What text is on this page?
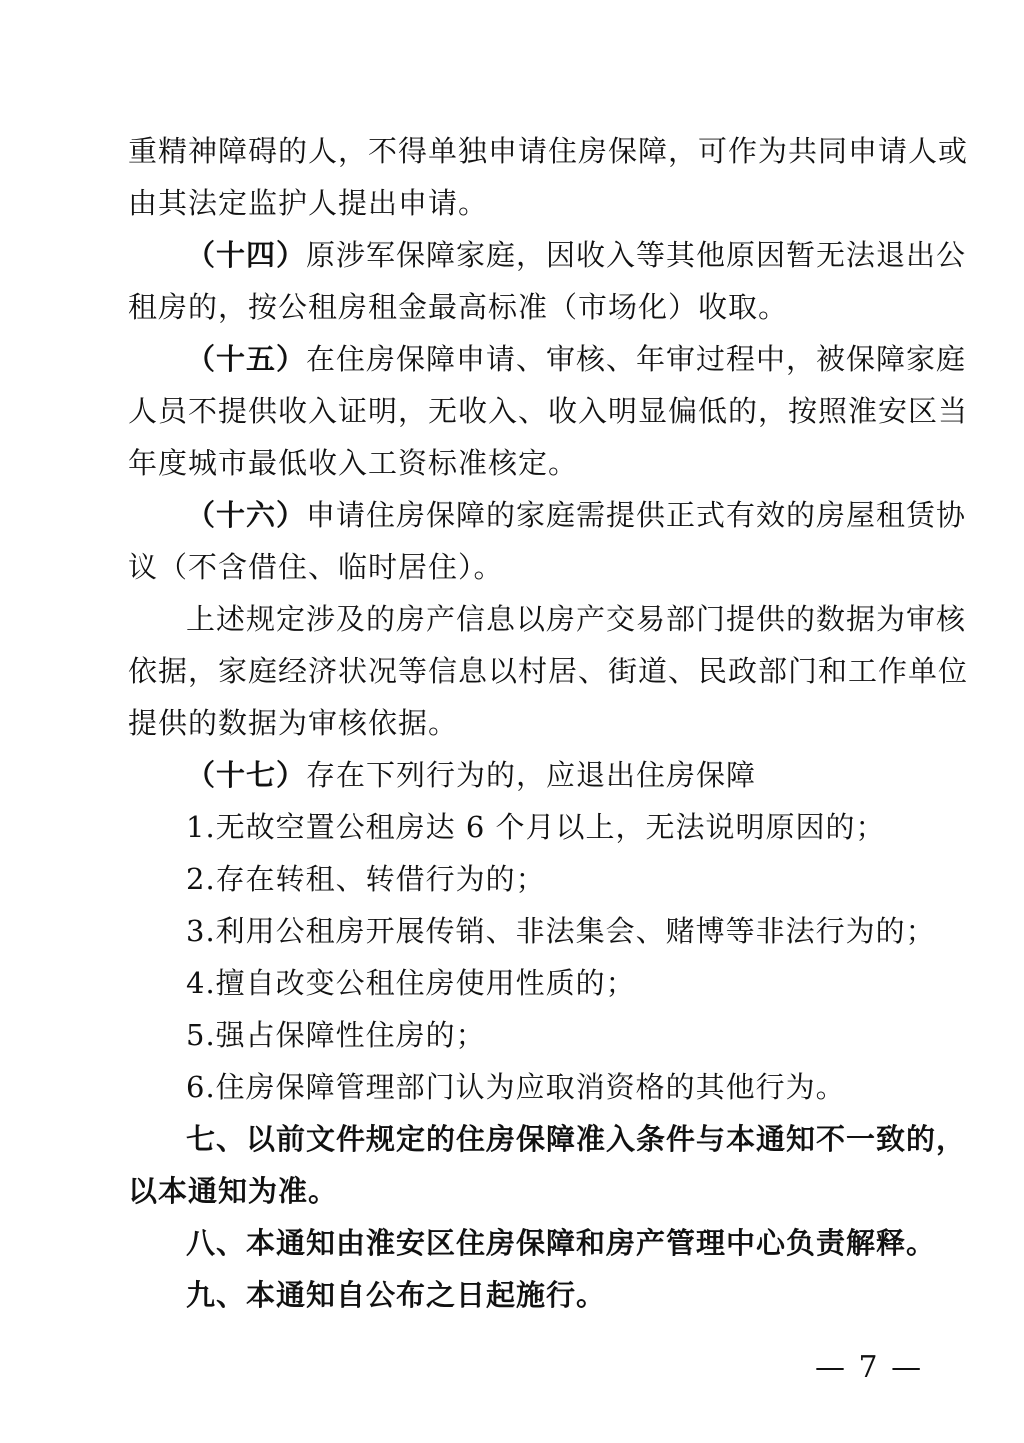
重精神障碍的人，不得单独申请住房保障，可作为共同申请人或
由其法定监护人提出申请。
（十四）原涉军保障家庭，因收入等其他原因暂无法退出公
租房的，按公租房租金最高标准（市场化）收取。
（十五）在住房保障申请、审核、年审过程中，被保障家庭
人员不提供收入证明，无收入、收入明显偏低的，按照淮安区当
年度城市最低收入工资标准核定。
（十六）申请住房保障的家庭需提供正式有效的房屋租赁协
议（不含借住、临时居住）。
上述规定涉及的房产信息以房产交易部门提供的数据为审核
依据，家庭经济状况等信息以村居、街道、民政部门和工作单位
提供的数据为审核依据。
（十七）存在下列行为的，应退出住房保障
1.无故空置公租房达 6 个月以上，无法说明原因的；
2.存在转租、转借行为的；
3.利用公租房开展传销、非法集会、赌博等非法行为的；
4.擅自改变公租住房使用性质的；
5.强占保障性住房的；
6.住房保障管理部门认为应取消资格的其他行为。
七、以前文件规定的住房保障准入条件与本通知不一致的，
以本通知为准。
八、本通知由淮安区住房保障和房产管理中心负责解释。
九、本通知自公布之日起施行。
— 7 —
